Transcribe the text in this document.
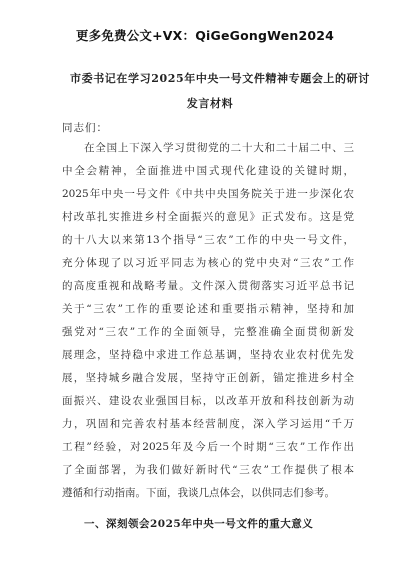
更多免费公文+VX：QiGeGongWen2024
市委书记在学习2025年中央一号文件精神专题会上的研讨
发言材料
同志们：
在全国上下深入学习贯彻党的二十大和二十届二中、三
中全会精神，全面推进中国式现代化建设的关键时期，
2025年中央一号文件《中共中央国务院关于进一步深化农
村改革扎实推进乡村全面振兴的意见》正式发布。这是党
的十八大以来第13个指导“三农”工作的中央一号文件，
充分体现了以习近平同志为核心的党中央对“三农”工作
的高度重视和战略考量。文件深入贯彻落实习近平总书记
关于“三农”工作的重要论述和重要指示精神，坚持和加
强党对“三农”工作的全面领导，完整准确全面贯彻新发
展理念，坚持稳中求进工作总基调，坚持农业农村优先发
展，坚持城乡融合发展，坚持守正创新，锚定推进乡村全
面振兴、建设农业强国目标，以改革开放和科技创新为动
力，巩固和完善农村基本经营制度，深入学习运用“千万
工程”经验，对2025年及今后一个时期“三农”工作作出
了全面部署，为我们做好新时代“三农”工作提供了根本
遵循和行动指南。下面，我谈几点体会，以供同志们参考。
一、深刻领会2025年中央一号文件的重大意义
